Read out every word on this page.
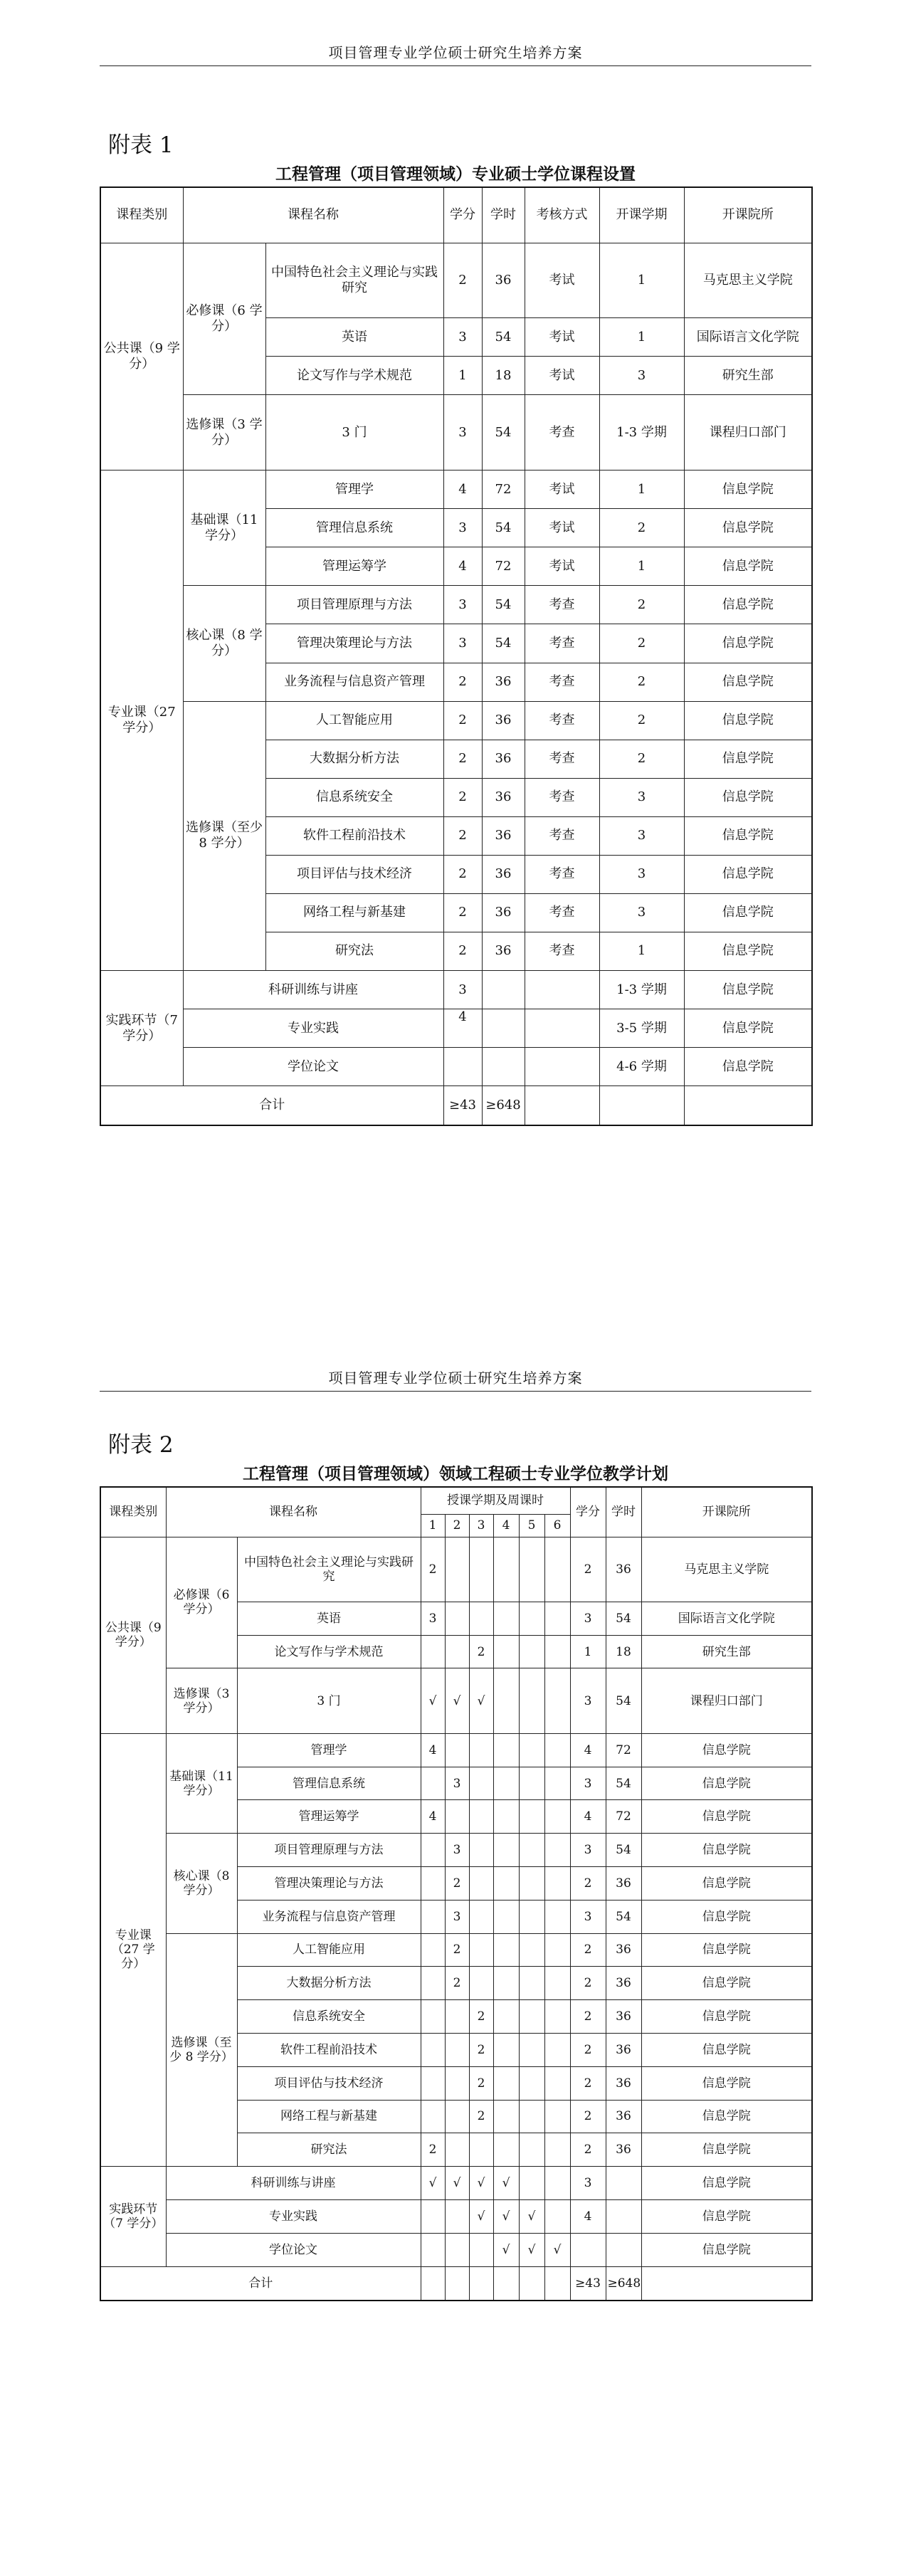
项目管理专业学位硕士研究生培养方案
附表 1
工程管理（项目管理领域）专业硕士学位课程设置
课程类别	课程名称		学分	学时	考核方式	开课学期	开课院所
公共课（9 学分）	必修课（6 学分）	中国特色社会主义理论与实践研究	2	36	考试	1	马克思主义学院
		英语	3	54	考试	1	国际语言文化学院
		论文写作与学术规范	1	18	考试	3	研究生部
	选修课（3 学分）	3 门	3	54	考查	1-3 学期	课程归口部门
专业课（27 学分）	基础课（11 学分）	管理学	4	72	考试	1	信息学院
		管理信息系统	3	54	考试	2	信息学院
		管理运筹学	4	72	考试	1	信息学院
	核心课（8 学分）	项目管理原理与方法	3	54	考查	2	信息学院
		管理决策理论与方法	3	54	考查	2	信息学院
		业务流程与信息资产管理	2	36	考查	2	信息学院
	选修课（至少 8 学分）	人工智能应用	2	36	考查	2	信息学院
		大数据分析方法	2	36	考查	2	信息学院
		信息系统安全	2	36	考查	3	信息学院
		软件工程前沿技术	2	36	考查	3	信息学院
		项目评估与技术经济	2	36	考查	3	信息学院
		网络工程与新基建	2	36	考查	3	信息学院
		研究法	2	36	考查	1	信息学院
实践环节（7 学分）	科研训练与讲座		3			1-3 学期	信息学院
	专业实践		4			3-5 学期	信息学院
	学位论文					4-6 学期	信息学院
合计			≥43	≥648			
项目管理专业学位硕士研究生培养方案
附表 2
工程管理（项目管理领域）领域工程硕士专业学位教学计划
课程类别	课程名称		授课学期及周课时						学分	学时	开课院所
			1	2	3	4	5	6			
公共课（9 学分）	必修课（6 学分）	中国特色社会主义理论与实践研究	2						2	36	马克思主义学院
		英语	3						3	54	国际语言文化学院
		论文写作与学术规范			2				1	18	研究生部
	选修课（3 学分）	3 门	√	√	√				3	54	课程归口部门
专业课（27 学分）	基础课（11 学分）	管理学	4						4	72	信息学院
		管理信息系统		3					3	54	信息学院
		管理运筹学	4						4	72	信息学院
	核心课（8 学分）	项目管理原理与方法		3					3	54	信息学院
		管理决策理论与方法		2					2	36	信息学院
		业务流程与信息资产管理		3					3	54	信息学院
	选修课（至少 8 学分）	人工智能应用		2					2	36	信息学院
		大数据分析方法		2					2	36	信息学院
		信息系统安全			2				2	36	信息学院
		软件工程前沿技术			2				2	36	信息学院
		项目评估与技术经济			2				2	36	信息学院
		网络工程与新基建			2				2	36	信息学院
		研究法	2						2	36	信息学院
实践环节（7 学分）	科研训练与讲座		√	√	√	√			3		信息学院
	专业实践				√	√	√		4		信息学院
	学位论文					√	√	√			信息学院
合计									≥43	≥648	
